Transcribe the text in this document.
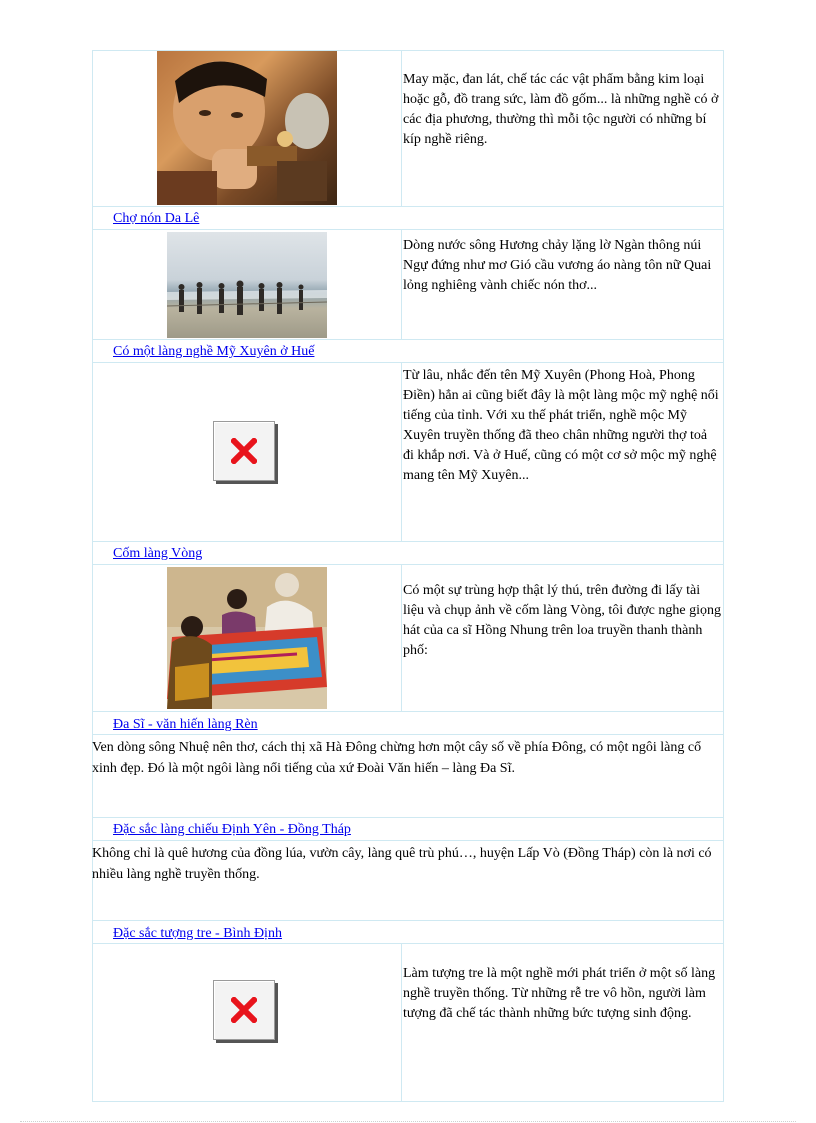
May mặc, đan lát, chế tác các vật phẩm bằng kim loại hoặc gỗ, đồ trang sức, làm đồ gốm... là những nghề có ở các địa phương, thường thì mỗi tộc người có những bí kíp nghề riêng.
Chợ nón Da Lê
Dòng nước sông Hương chảy lặng lờ Ngàn thông núi Ngự đứng như mơ Gió cầu vương áo nàng tôn nữ Quai lỏng nghiêng vành chiếc nón thơ...
Có một làng nghề Mỹ Xuyên ở Huế
Từ lâu, nhắc đến tên Mỹ Xuyên (Phong Hoà, Phong Điền) hẳn ai cũng biết đây là một làng mộc mỹ nghệ nổi tiếng của tỉnh. Với xu thế phát triển, nghề mộc Mỹ Xuyên truyền thống đã theo chân những người thợ toả đi khắp nơi. Và ở Huế, cũng có một cơ sở mộc mỹ nghệ mang tên Mỹ Xuyên...
Cốm làng Vòng
Có một sự trùng hợp thật lý thú, trên đường đi lấy tài liệu và chụp ảnh về cốm làng Vòng, tôi được nghe giọng hát của ca sĩ Hồng Nhung trên loa truyền thanh thành phố:
Đa Sĩ - văn hiến làng Rèn
Ven dòng sông Nhuệ nên thơ, cách thị xã Hà Đông chừng hơn một cây số về phía Đông, có một ngôi làng cổ xinh đẹp. Đó là một ngôi làng nổi tiếng của xứ Đoài Văn hiến – làng Đa Sĩ.
Đặc sắc làng chiếu Định Yên - Đồng Tháp
Không chỉ là quê hương của đồng lúa, vườn cây, làng quê trù phú…, huyện Lấp Vò (Đồng Tháp) còn là nơi có nhiều làng nghề truyền thống.
Đặc sắc tượng tre - Bình Định
Làm tượng tre là một nghề mới phát triển ở một số làng nghề truyền thống. Từ những rễ tre vô hồn, người làm tượng đã chế tác thành những bức tượng sinh động.
